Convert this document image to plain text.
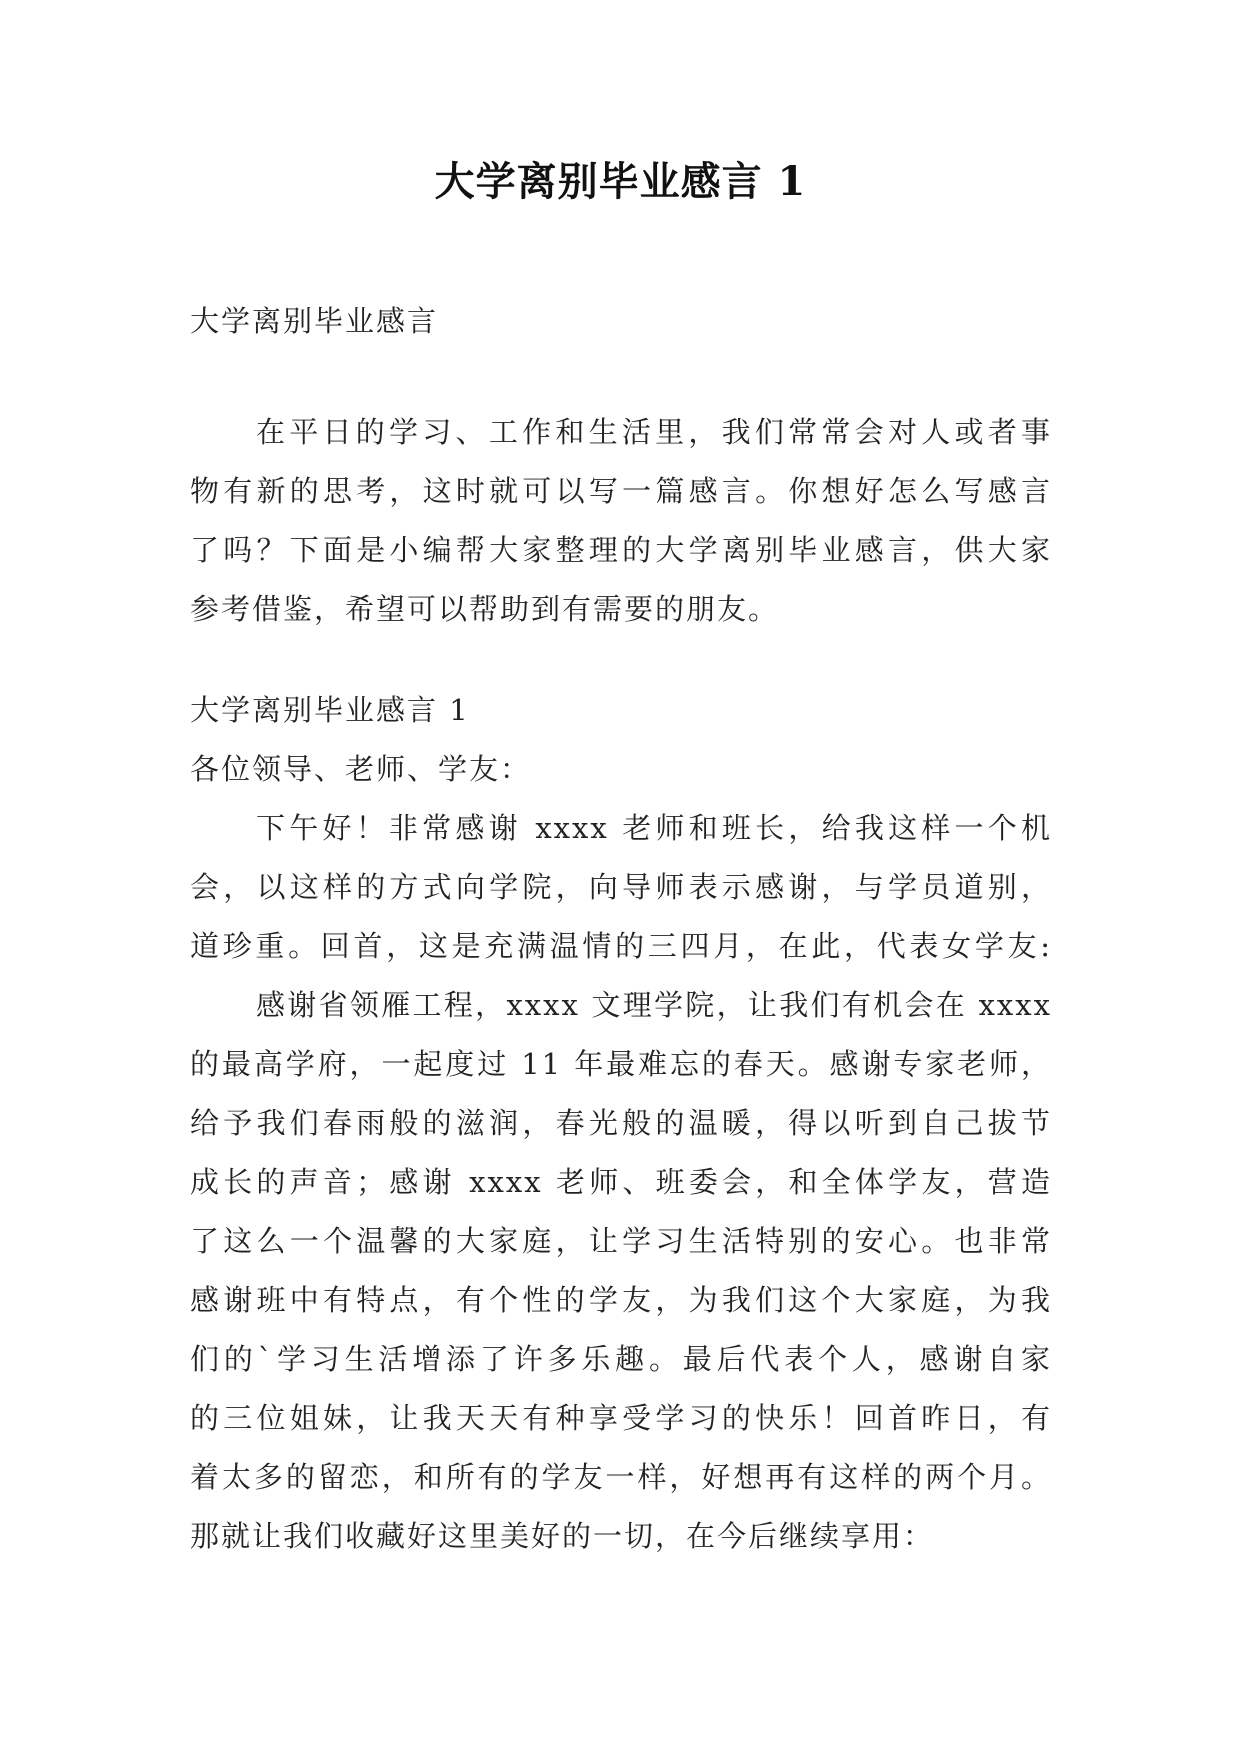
大学离别毕业感言 1
大学离别毕业感言
在平日的学习、工作和生活里，我们常常会对人或者事
物有新的思考，这时就可以写一篇感言。你想好怎么写感言
了吗？下面是小编帮大家整理的大学离别毕业感言，供大家
参考借鉴，希望可以帮助到有需要的朋友。
大学离别毕业感言 1
各位领导、老师、学友：
下午好！非常感谢 xxxx 老师和班长，给我这样一个机
会，以这样的方式向学院，向导师表示感谢，与学员道别，
道珍重。回首，这是充满温情的三四月，在此，代表女学友:
感谢省领雁工程，xxxx 文理学院，让我们有机会在 xxxx
的最高学府，一起度过 11 年最难忘的春天。感谢专家老师，
给予我们春雨般的滋润，春光般的温暖，得以听到自己拔节
成长的声音；感谢 xxxx 老师、班委会，和全体学友，营造
了这么一个温馨的大家庭，让学习生活特别的安心。也非常
感谢班中有特点，有个性的学友，为我们这个大家庭，为我
们的`学习生活增添了许多乐趣。最后代表个人，感谢自家
的三位姐妹，让我天天有种享受学习的快乐！回首昨日，有
着太多的留恋，和所有的学友一样，好想再有这样的两个月。
那就让我们收藏好这里美好的一切，在今后继续享用：
